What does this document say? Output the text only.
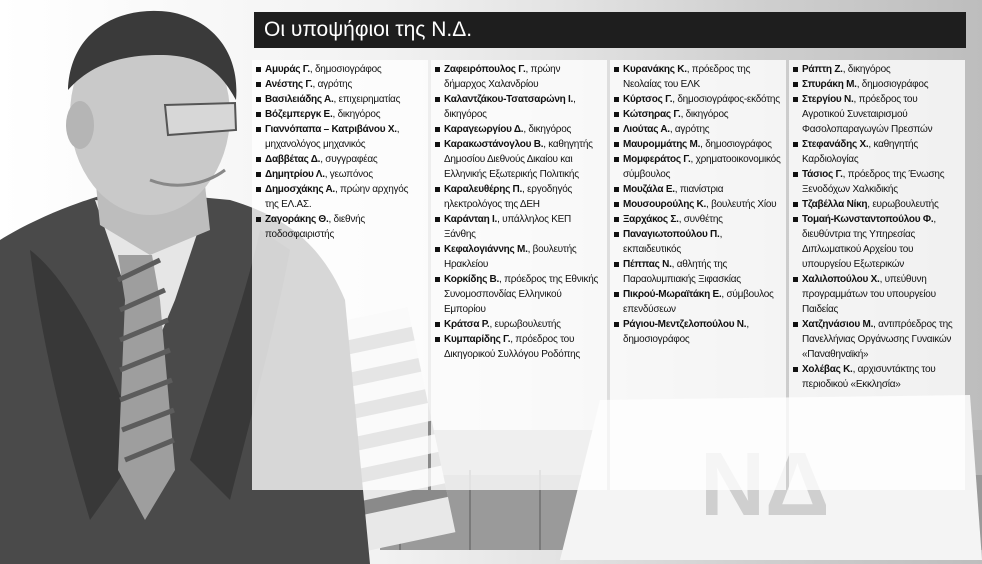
Οι υποψήφιοι της Ν.Δ.
Αμυράς Γ., δημοσιογράφος
Ανέστης Γ., αγρότης
Βασιλειάδης Α., επιχειρηματίας
Βόζεμπεργκ Ε., δικηγόρος
Γιαννόπαπα – Κατριβάνου Χ., μηχανολόγος μηχανικός
Δαββέτας Δ., συγγραφέας
Δημητρίου Λ., γεωπόνος
Δημοσχάκης Α., πρώην αρχηγός της ΕΛ.ΑΣ.
Ζαγοράκης Θ., διεθνής ποδοσφαιριστής
Ζαφειρόπουλος Γ., πρώην δήμαρχος Χαλανδρίου
Καλαντζάκου-Τσατσαρώνη Ι., δικηγόρος
Καραγεωργίου Δ., δικηγόρος
Καρακωστάνογλου Β., καθηγητής Δημοσίου Διεθνούς Δικαίου και Ελληνικής Εξωτερικής Πολιτικής
Καραλευθέρης Π., εργοδηγός ηλεκτρολόγος της ΔΕΗ
Καράνταη Ι., υπάλληλος ΚΕΠ Ξάνθης
Κεφαλογιάννης Μ., βουλευτής Ηρακλείου
Κορκίδης Β., πρόεδρος της Εθνικής Συνομοσπονδίας Ελληνικού Εμπορίου
Κράτσα Ρ., ευρωβουλευτής
Κυμπαρίδης Γ., πρόεδρος του Δικηγορικού Συλλόγου Ροδόπης
Κυρανάκης Κ., πρόεδρος της Νεολαίας του ΕΛΚ
Κύρτσος Γ., δημοσιογράφος-εκδότης
Κώτσηρας Γ., δικηγόρος
Λιούτας Α., αγρότης
Μαυρομμάτης Μ., δημοσιογράφος
Μομφεράτος Γ., χρηματοοικονομικός σύμβουλος
Μουζάλα Ε., πιανίστρια
Μουσουρούλης Κ., βουλευτής Χίου
Ξαρχάκος Σ., συνθέτης
Παναγιωτοπούλου Π., εκπαιδευτικός
Πέππας Ν., αθλητής της Παραολυμπιακής Ξιφασκίας
Πικρού-Μωραϊτάκη Ε., σύμβουλος επενδύσεων
Ράγιου-Μεντζελοπούλου Ν., δημοσιογράφος
Ράπτη Ζ., δικηγόρος
Σπυράκη Μ., δημοσιογράφος
Στεργίου Ν., πρόεδρος του Αγροτικού Συνεταιρισμού Φασολοπαραγωγών Πρεσπών
Στεφανάδης Χ., καθηγητής Καρδιολογίας
Τάσιος Γ., πρόεδρος της Ένωσης Ξενοδόχων Χαλκιδικής
Τζαβέλλα Νίκη, ευρωβουλευτής
Τομαή-Κωνσταντοπούλου Φ., διευθύντρια της Υπηρεσίας Διπλωματικού Αρχείου του υπουργείου Εξωτερικών
Χαλιλοπούλου Χ., υπεύθυνη προγραμμάτων του υπουργείου Παιδείας
Χατζηνάσιου Μ., αντιπρόεδρος της Πανελλήνιας Οργάνωσης Γυναικών «Παναθηναϊκή»
Χολέβας Κ., αρχισυντάκτης του περιοδικού «Εκκλησία»
